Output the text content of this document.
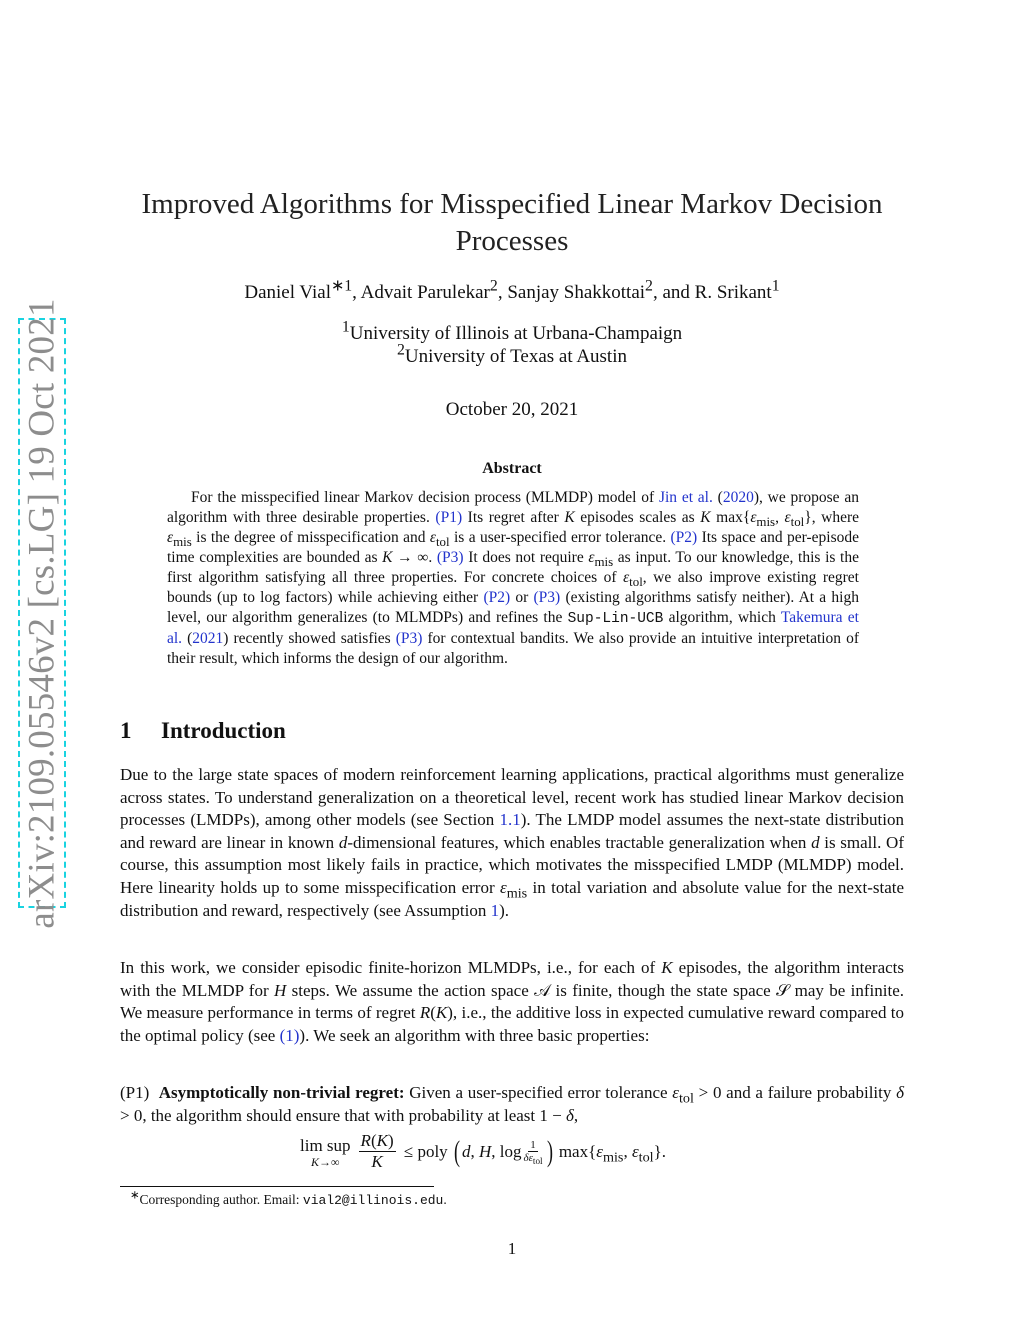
arXiv:2109.05546v2 [cs.LG] 19 Oct 2021
Improved Algorithms for Misspecified Linear Markov Decision
Processes
Daniel Vial$^{∗1}$, Advait Parulekar$^2$, Sanjay Shakkottai$^2$, and R. Srikant$^1$
$^1$University of Illinois at Urbana-Champaign
$^2$University of Texas at Austin
October 20, 2021
Abstract

For the misspecified linear Markov decision process (MLMDP) model of Jin et al. (2020), we propose an algorithm with three desirable properties. (P1) Its regret after K episodes scales as K $\max\{\varepsilon_{mis}$, $\varepsilon_{tol}$}, where $\varepsilon_{mis}$ is the degree of misspecification and $\varepsilon_{tol}$ is a user-specified error tolerance. (P2) Its space and per-episode time complexities are bounded as K → ∞. (P3) It does not require $\varepsilon_{mis}$ as input. To our knowledge, this is the first algorithm satisfying all three properties. For concrete choices of $\varepsilon_{tol}$, we also improve existing regret bounds (up to log factors) while achieving either (P2) or (P3) (existing algorithms satisfy neither). At a high level, our algorithm generalizes (to MLMDPs) and refines the Sup-Lin-UCB algorithm, which Takemura et al. (2021) recently showed satisfies (P3) for contextual bandits. We also provide an intuitive interpretation of their result, which informs the design of our algorithm.

1 Introduction

Due to the large state spaces of modern reinforcement learning applications, practical algorithms must generalize across states. To understand generalization on a theoretical level, recent work has studied linear Markov decision processes (LMDPs), among other models (see Section 1.1). The LMDP model assumes the next-state distribution and reward are linear in known d-dimensional features, which enables tractable generalization when d is small. Of course, this assumption most likely fails in practice, which motivates the misspecified LMDP (MLMDP) model. Here linearity holds up to some misspecification error $\varepsilon_{mis}$ in total variation and absolute value for the next-state distribution and reward, respectively (see Assumption 1).

In this work, we consider episodic finite-horizon MLMDPs, i.e., for each of K episodes, the algorithm interacts with the MLMDP for H steps. We assume the action space 𝒜 is finite, though the state space 𝒮 may be infinite. We measure performance in terms of regret R(K), i.e., the additive loss in expected cumulative reward compared to the optimal policy (see (1)). We seek an algorithm with three basic properties:

(P1)  Asymptotically non-trivial regret: Given a user-specified error tolerance $\varepsilon_{tol} > 0$ and a failure probability δ > 0, the algorithm should ensure that with probability at least 1 − δ,

lim sup
$K\to\infty \frac{R(K)}{K}$ ≤ poly ( d, H, log 1
$\delta\varepsilon_{tol}$ ) $\max\{\varepsilon_{mis}$, $\varepsilon_{tol}$}.
∗Corresponding author. Email: vial2@illinois.edu.
1
